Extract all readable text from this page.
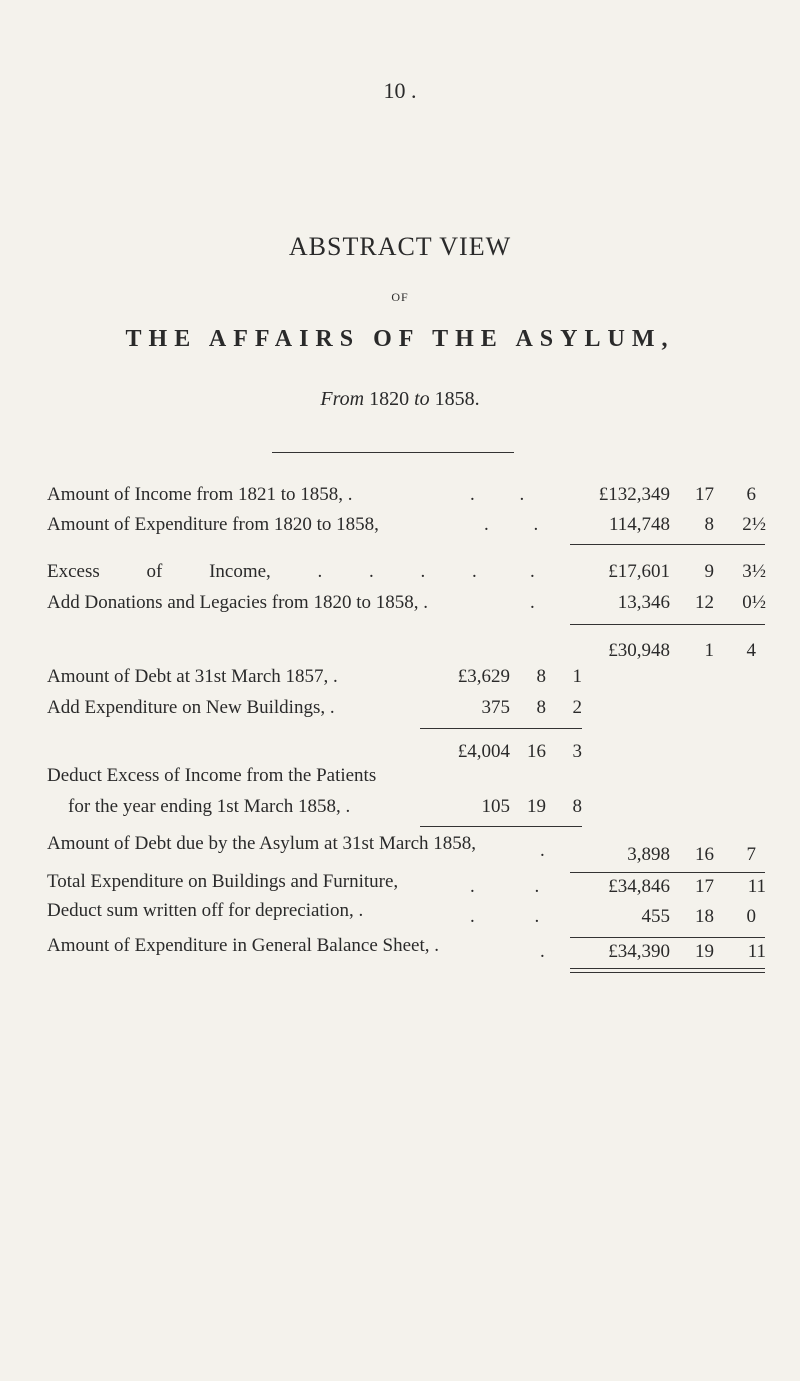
10 .
ABSTRACT VIEW
OF
THE AFFAIRS OF THE ASYLUM,
From 1820 to 1858.
Amount of Income from 1821 to 1858, .	. .	£132,349	17	6
Amount of Expenditure from 1820 to 1858,	. .	114,748	8	2½
Excess of Income, . . . .	.	£17,601	9	3½
Add Donations and Legacies from 1820 to 1858, .	.	13,346	12	0½
£30,948	1	4
Amount of Debt at 31st March 1857, .	£3,629	8	1
Add Expenditure on New Buildings, .	375	8	2
£4,004 16	3
Deduct Excess of Income from the Patients
for the year ending 1st March 1858, .	105 19	8
Amount of Debt due by the Asylum at 31st March 1858,	.	3,898	16	7
Total Expenditure on Buildings and Furniture,	. .	£34,846	17	11
Deduct sum written off for depreciation, .	. .	455	18	0
Amount of Expenditure in General Balance Sheet, .	.	£34,390	19	11
